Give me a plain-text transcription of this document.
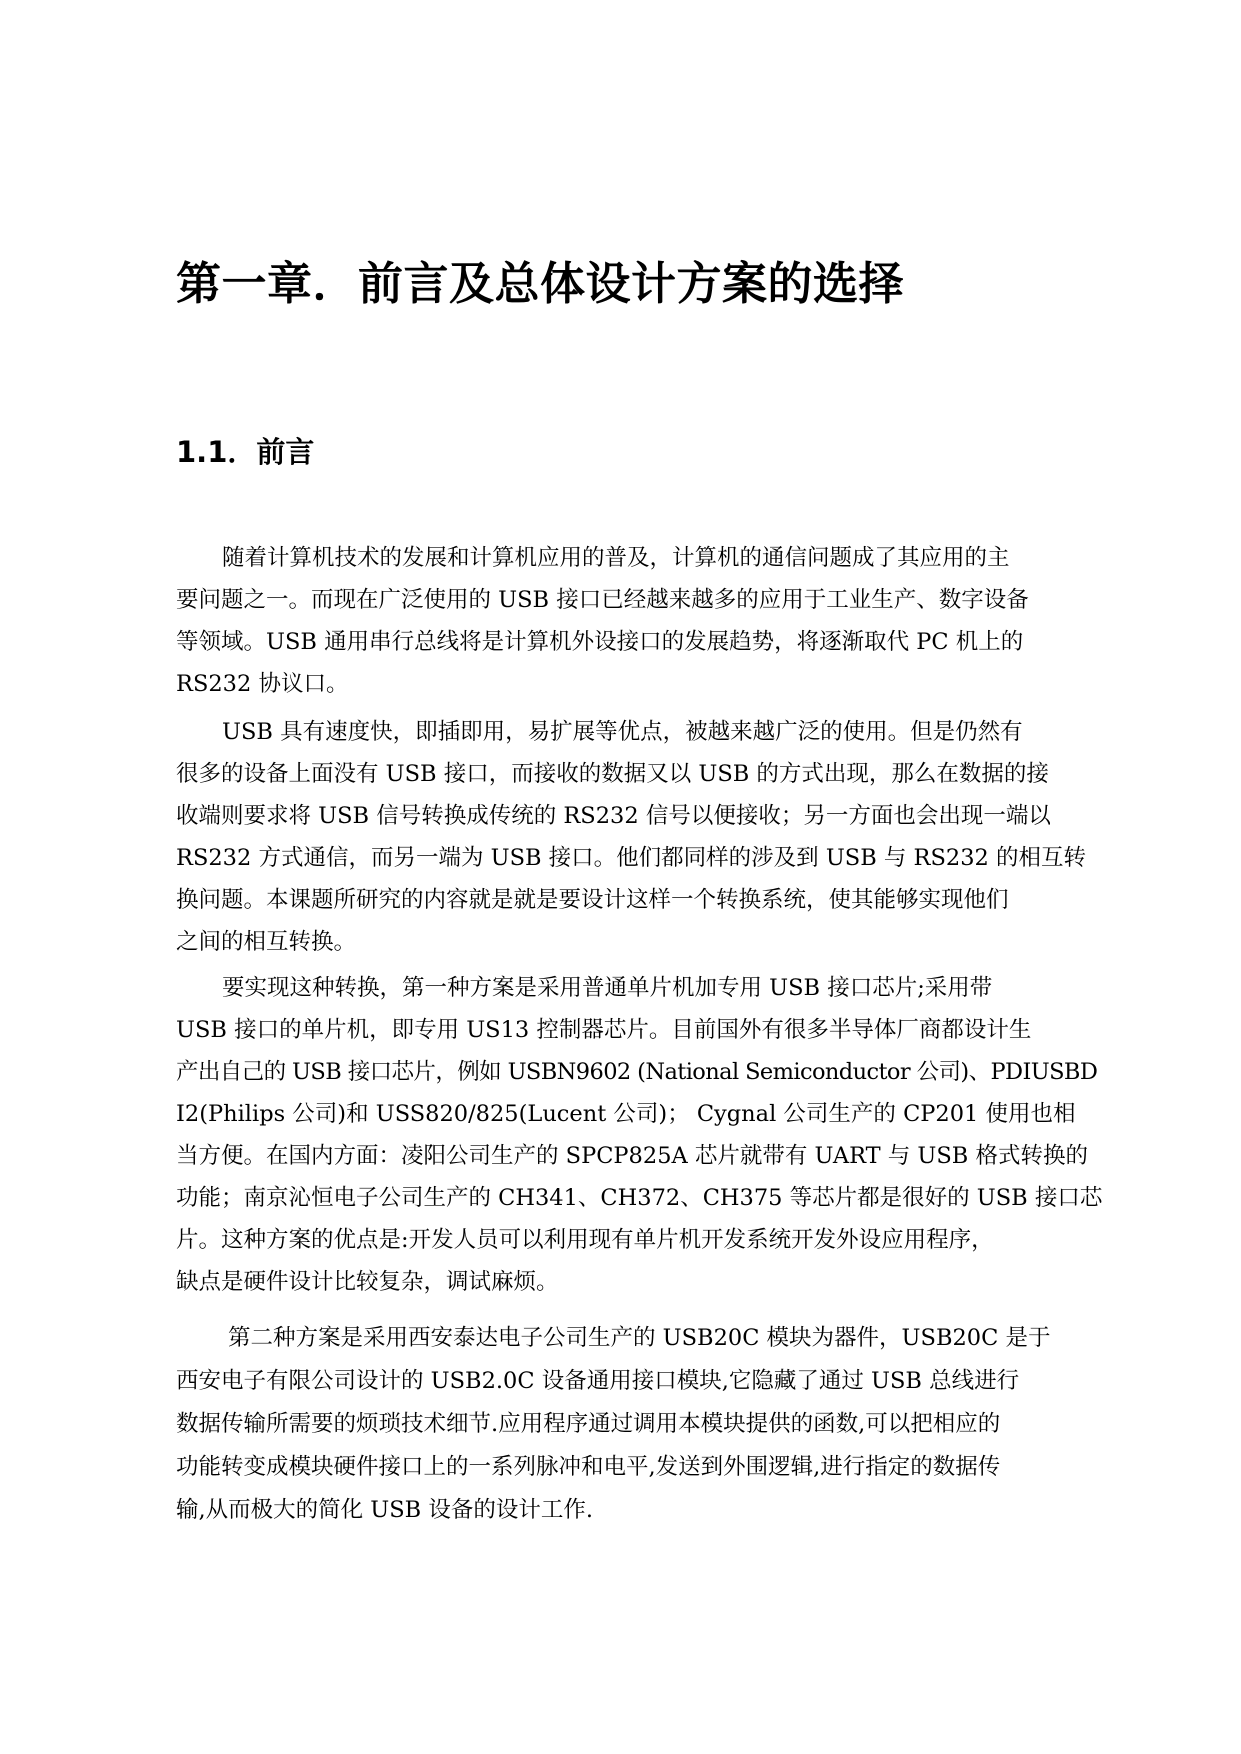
第一章．前言及总体设计方案的选择
1.1．前言

随着计算机技术的发展和计算机应用的普及，计算机的通信问题成了其应用的主

要问题之一。而现在广泛使用的 USB 接口已经越来越多的应用于工业生产、数字设备

等领域。USB 通用串行总线将是计算机外设接口的发展趋势，将逐渐取代 PC 机上的

RS232 协议口。

USB 具有速度快，即插即用，易扩展等优点，被越来越广泛的使用。但是仍然有

很多的设备上面没有 USB 接口，而接收的数据又以 USB 的方式出现，那么在数据的接

收端则要求将 USB 信号转换成传统的 RS232 信号以便接收；另一方面也会出现一端以

RS232 方式通信，而另一端为 USB 接口。他们都同样的涉及到 USB 与 RS232 的相互转

换问题。本课题所研究的内容就是就是要设计这样一个转换系统，使其能够实现他们

之间的相互转换。

要实现这种转换，第一种方案是采用普通单片机加专用 USB 接口芯片;采用带

USB 接口的单片机，即专用 US13 控制器芯片。目前国外有很多半导体厂商都设计生

产出自己的 USB 接口芯片，例如 USBN9602 (National Semiconductor 公司)、PDIUSBD

I2(Philips 公司)和 USS820/825(Lucent 公司)； Cygnal 公司生产的 CP201 使用也相

当方便。在国内方面：凌阳公司生产的 SPCP825A 芯片就带有 UART 与 USB 格式转换的

功能；南京沁恒电子公司生产的 CH341、CH372、CH375 等芯片都是很好的 USB 接口芯

片。这种方案的优点是:开发人员可以利用现有单片机开发系统开发外设应用程序，

缺点是硬件设计比较复杂，调试麻烦。

第二种方案是采用西安泰达电子公司生产的 USB20C 模块为器件，USB20C 是于

西安电子有限公司设计的 USB2.0C 设备通用接口模块,它隐藏了通过 USB 总线进行

数据传输所需要的烦琐技术细节.应用程序通过调用本模块提供的函数,可以把相应的

功能转变成模块硬件接口上的一系列脉冲和电平,发送到外围逻辑,进行指定的数据传

输,从而极大的简化 USB 设备的设计工作.
